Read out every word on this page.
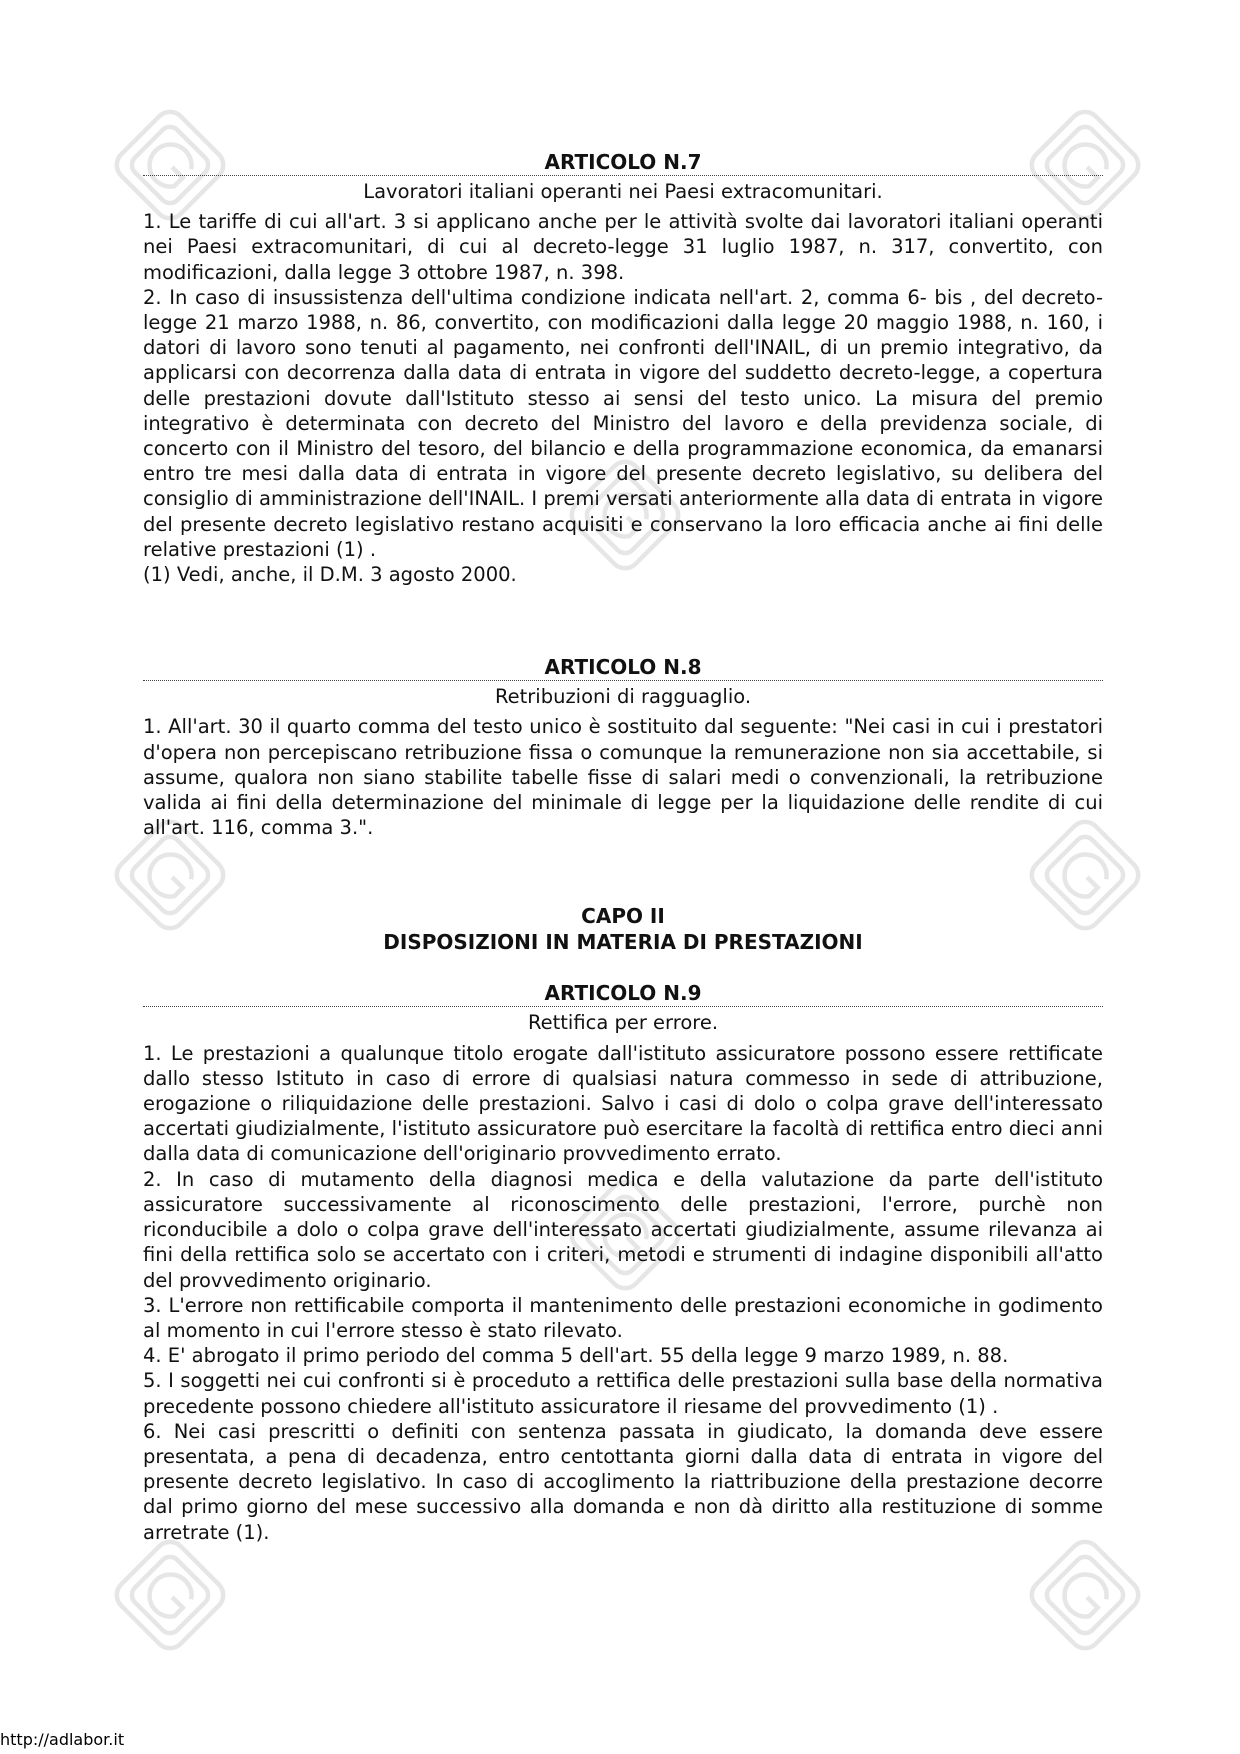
ARTICOLO N.7
Lavoratori italiani operanti nei Paesi extracomunitari.

1. Le tariffe di cui all'art. 3 si applicano anche per le attività svolte dai lavoratori italiani operanti nei Paesi extracomunitari, di cui al decreto-legge 31 luglio 1987, n. 317, convertito, con modificazioni, dalla legge 3 ottobre 1987, n. 398.

2. In caso di insussistenza dell'ultima condizione indicata nell'art. 2, comma 6- bis , del decreto-legge 21 marzo 1988, n. 86, convertito, con modificazioni dalla legge 20 maggio 1988, n. 160, i datori di lavoro sono tenuti al pagamento, nei confronti dell'INAIL, di un premio integrativo, da applicarsi con decorrenza dalla data di entrata in vigore del suddetto decreto-legge, a copertura delle prestazioni dovute dall'Istituto stesso ai sensi del testo unico. La misura del premio integrativo è determinata con decreto del Ministro del lavoro e della previdenza sociale, di concerto con il Ministro del tesoro, del bilancio e della programmazione economica, da emanarsi entro tre mesi dalla data di entrata in vigore del presente decreto legislativo, su delibera del consiglio di amministrazione dell'INAIL. I premi versati anteriormente alla data di entrata in vigore del presente decreto legislativo restano acquisiti e conservano la loro efficacia anche ai fini delle relative prestazioni (1) .

(1) Vedi, anche, il D.M. 3 agosto 2000.

ARTICOLO N.8
Retribuzioni di ragguaglio.

1. All'art. 30 il quarto comma del testo unico è sostituito dal seguente: "Nei casi in cui i prestatori d'opera non percepiscano retribuzione fissa o comunque la remunerazione non sia accettabile, si assume, qualora non siano stabilite tabelle fisse di salari medi o convenzionali, la retribuzione valida ai fini della determinazione del minimale di legge per la liquidazione delle rendite di cui all'art. 116, comma 3.".

CAPO II
DISPOSIZIONI IN MATERIA DI PRESTAZIONI
ARTICOLO N.9
Rettifica per errore.

1. Le prestazioni a qualunque titolo erogate dall'istituto assicuratore possono essere rettificate dallo stesso Istituto in caso di errore di qualsiasi natura commesso in sede di attribuzione, erogazione o riliquidazione delle prestazioni. Salvo i casi di dolo o colpa grave dell'interessato accertati giudizialmente, l'istituto assicuratore può esercitare la facoltà di rettifica entro dieci anni dalla data di comunicazione dell'originario provvedimento errato.

2. In caso di mutamento della diagnosi medica e della valutazione da parte dell'istituto assicuratore successivamente al riconoscimento delle prestazioni, l'errore, purchè non riconducibile a dolo o colpa grave dell'interessato accertati giudizialmente, assume rilevanza ai fini della rettifica solo se accertato con i criteri, metodi e strumenti di indagine disponibili all'atto del provvedimento originario.

3. L'errore non rettificabile comporta il mantenimento delle prestazioni economiche in godimento al momento in cui l'errore stesso è stato rilevato.

4. E' abrogato il primo periodo del comma 5 dell'art. 55 della legge 9 marzo 1989, n. 88.

5. I soggetti nei cui confronti si è proceduto a rettifica delle prestazioni sulla base della normativa precedente possono chiedere all'istituto assicuratore il riesame del provvedimento (1) .

6. Nei casi prescritti o definiti con sentenza passata in giudicato, la domanda deve essere presentata, a pena di decadenza, entro centottanta giorni dalla data di entrata in vigore del presente decreto legislativo. In caso di accoglimento la riattribuzione della prestazione decorre dal primo giorno del mese successivo alla domanda e non dà diritto alla restituzione di somme arretrate (1).

http://adlabor.it
